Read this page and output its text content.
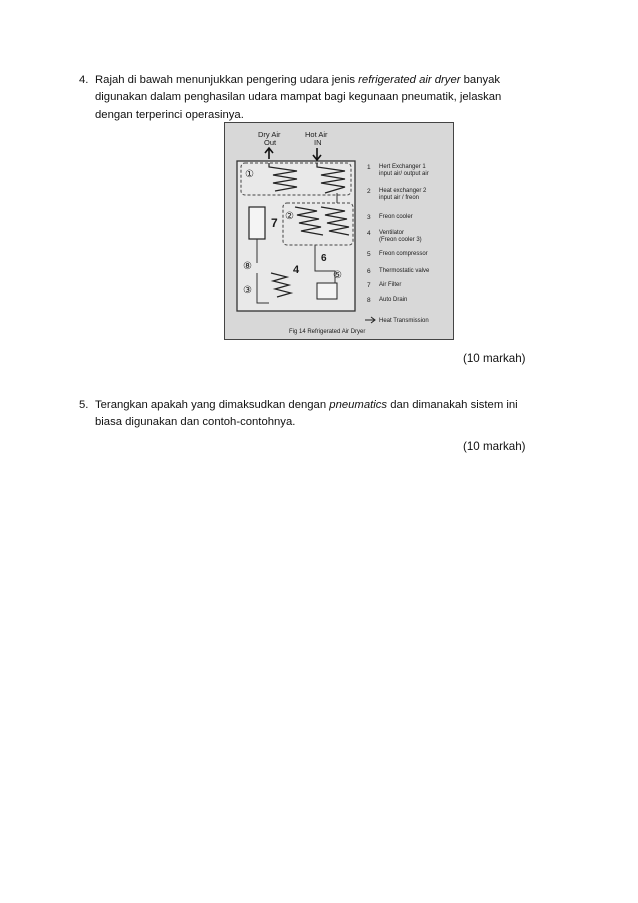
4. Rajah di bawah menunjukkan pengering udara jenis refrigerated air dryer banyak
digunakan dalam penghasilan udara mampat bagi kegunaan pneumatik, jelaskan
dengan terperinci operasinya.
Dry Air
Out
Hot Air
IN
①
②
7
6
⑧
③
4	⑤
1 Hert Exchanger 1
input air/ output air
2 Heat exchanger 2
input air / freon
3 Freon cooler
4 Ventilator
(Freon cooler 3)
5 Freon compressor
6 Thermostatic valve
7 Air Filter
8 Auto Drain
Heat Transmission
Fig 14 Refrigerated Air Dryer
(10 markah)
5. Terangkan apakah yang dimaksudkan dengan pneumatics dan dimanakah sistem ini
biasa digunakan dan contoh-contohnya.
(10 markah)
